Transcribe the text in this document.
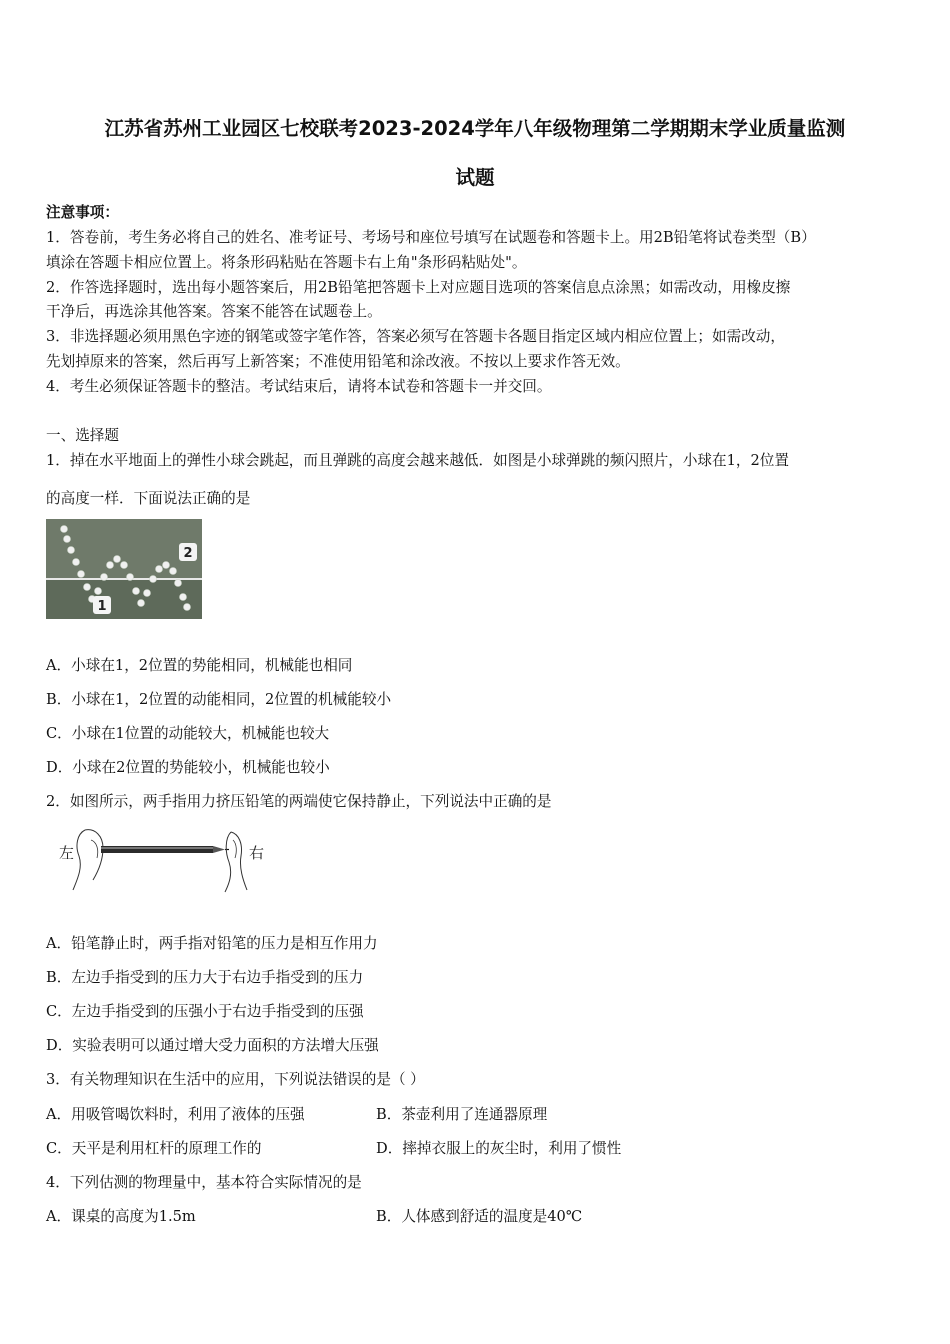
江苏省苏州工业园区七校联考2023-2024学年八年级物理第二学期期末学业质量监测
试题
注意事项：
1．答卷前，考生务必将自己的姓名、准考证号、考场号和座位号填写在试题卷和答题卡上。用2B铅笔将试卷类型（B）
填涂在答题卡相应位置上。将条形码粘贴在答题卡右上角"条形码粘贴处"。
2．作答选择题时，选出每小题答案后，用2B铅笔把答题卡上对应题目选项的答案信息点涂黑；如需改动，用橡皮擦
干净后，再选涂其他答案。答案不能答在试题卷上。
3．非选择题必须用黑色字迹的钢笔或签字笔作答，答案必须写在答题卡各题目指定区域内相应位置上；如需改动，
先划掉原来的答案，然后再写上新答案；不准使用铅笔和涂改液。不按以上要求作答无效。
4．考生必须保证答题卡的整洁。考试结束后，请将本试卷和答题卡一并交回。
一、选择题
1．掉在水平地面上的弹性小球会跳起，而且弹跳的高度会越来越低．如图是小球弹跳的频闪照片，小球在1，2位置
的高度一样．下面说法正确的是
2
1
A．小球在1，2位置的势能相同，机械能也相同
B．小球在1，2位置的动能相同，2位置的机械能较小
C．小球在1位置的动能较大，机械能也较大
D．小球在2位置的势能较小，机械能也较小
2．如图所示，两手指用力挤压铅笔的两端使它保持静止，下列说法中正确的是
左	右
A．铅笔静止时，两手指对铅笔的压力是相互作用力
B．左边手指受到的压力大于右边手指受到的压力
C．左边手指受到的压强小于右边手指受到的压强
D．实验表明可以通过增大受力面积的方法增大压强
3．有关物理知识在生活中的应用，下列说法错误的是（ ）
A．用吸管喝饮料时，利用了液体的压强	B．茶壶利用了连通器原理
C．天平是利用杠杆的原理工作的	D．摔掉衣服上的灰尘时，利用了惯性
4．下列估测的物理量中，基本符合实际情况的是
A．课桌的高度为1.5m	B．人体感到舒适的温度是40℃
